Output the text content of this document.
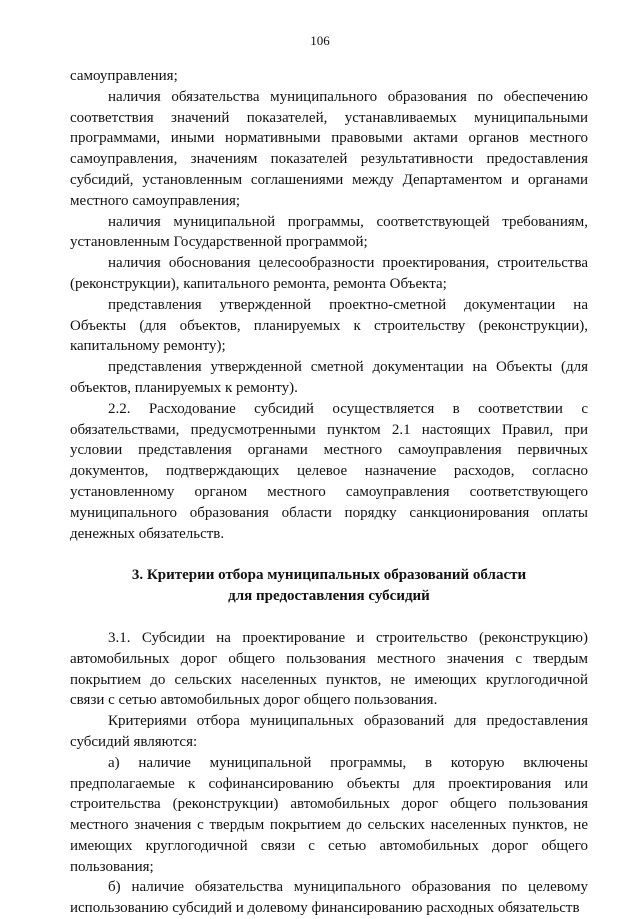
106

самоуправления;

наличия обязательства муниципального образования по обеспечению соответствия значений показателей, устанавливаемых муниципальными программами, иными нормативными правовыми актами органов местного самоуправления, значениям показателей результативности предоставления субсидий, установленным соглашениями между Департаментом и органами местного самоуправления;

наличия муниципальной программы, соответствующей требованиям, установленным Государственной программой;

наличия обоснования целесообразности проектирования, строительства (реконструкции), капитального ремонта, ремонта Объекта;

представления утвержденной проектно-сметной документации на Объекты (для объектов, планируемых к строительству (реконструкции), капитальному ремонту);

представления утвержденной сметной документации на Объекты (для объектов, планируемых к ремонту).

2.2. Расходование субсидий осуществляется в соответствии с обязательствами, предусмотренными пунктом 2.1 настоящих Правил, при условии представления органами местного самоуправления первичных документов, подтверждающих целевое назначение расходов, согласно установленному органом местного самоуправления соответствующего муниципального образования области порядку санкционирования оплаты денежных обязательств.

3. Критерии отбора муниципальных образований области
для предоставления субсидий

3.1. Субсидии на проектирование и строительство (реконструкцию) автомобильных дорог общего пользования местного значения с твердым покрытием до сельских населенных пунктов, не имеющих круглогодичной связи с сетью автомобильных дорог общего пользования.

Критериями отбора муниципальных образований для предоставления субсидий являются:

а) наличие муниципальной программы, в которую включены предполагаемые к софинансированию объекты для проектирования или строительства (реконструкции) автомобильных дорог общего пользования местного значения с твердым покрытием до сельских населенных пунктов, не имеющих круглогодичной связи с сетью автомобильных дорог общего пользования;

б) наличие обязательства муниципального образования по целевому использованию субсидий и долевому финансированию расходных обязательств
